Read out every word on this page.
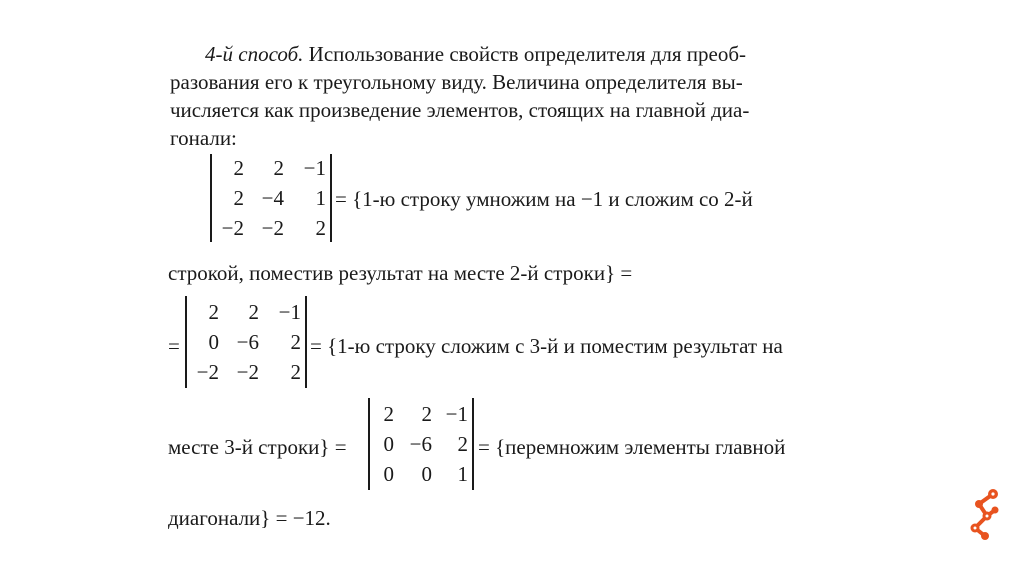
4-й способ. Использование свойств определителя для преоб-
разования его к треугольному виду. Величина определителя вы-
числяется как произведение элементов, стоящих на главной диа-
гонали:
2 2 −1
2 −4 1
−2 −2 2
= {1-ю строку умножим на −1 и сложим со 2-й
строкой, поместив результат на месте 2-й строки} =
=
2 2 −1
0 −6 2
−2 −2 2
= {1-ю строку сложим с 3-й и поместим результат на
месте 3-й строки} =
2 2 −1
0 −6 2
0 0 1
= {перемножим элементы главной
диагонали} = −12.
